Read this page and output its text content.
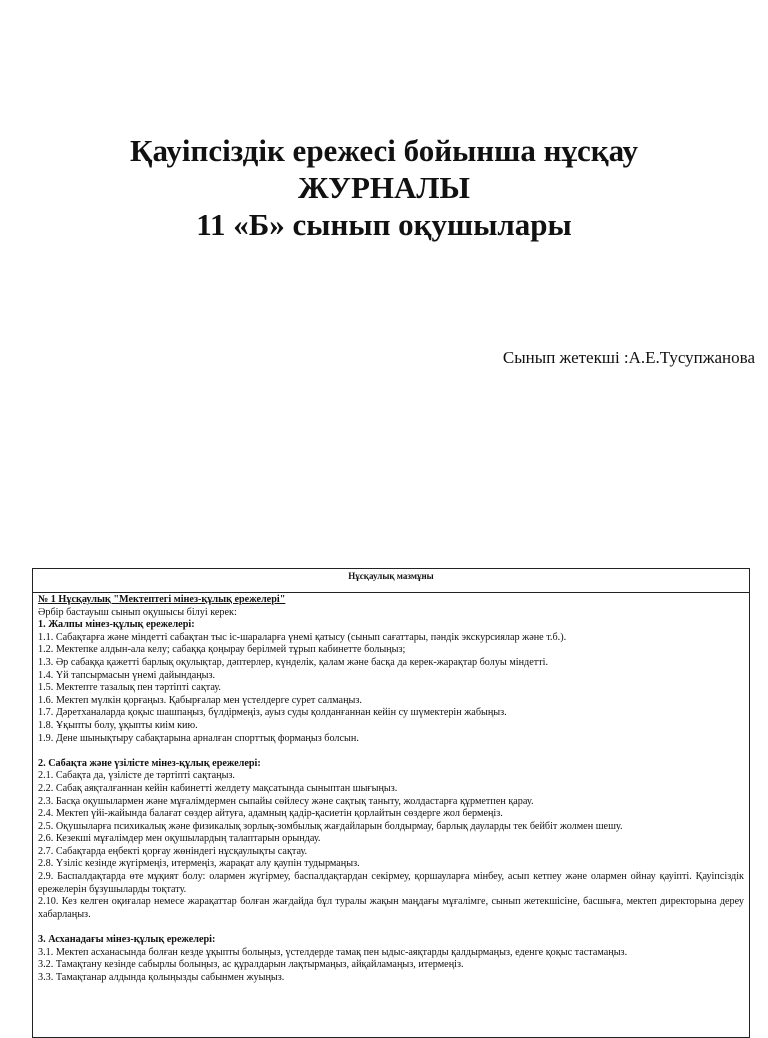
Қауіпсіздік ережесі бойынша нұсқау
ЖУРНАЛЫ
11 «Б» сынып оқушылары
Сынып жетекші :А.Е.Тусупжанова
Нұсқаулық мазмұны
№ 1 Нұсқаулық "Мектептегі мінез-құлық ережелері"
Әрбір бастауыш сынып оқушысы білуі керек:
1. Жалпы мінез-құлық ережелері:
1.1. Сабақтарға және міндетті сабақтан тыс іс-шараларға үнемі қатысу (сынып сағаттары, пәндік экскурсиялар және т.б.).
1.2. Мектепке алдын-ала келу; сабаққа қоңырау берілмей тұрып кабинетте болыңыз;
1.3. Әр сабаққа қажетті барлық оқулықтар, дәптерлер, күнделік, қалам және басқа да керек-жарақтар болуы міндетті.
1.4. Үй тапсырмасын үнемі дайындаңыз.
1.5. Мектепте тазалық пен тәртіпті сақтау.
1.6. Мектеп мүлкін қорғаңыз. Қабырғалар мен үстелдерге сурет салмаңыз.
1.7. Дәретханаларда қоқыс шашпаңыз, бүлдірмеңіз, ауыз суды қолданғаннан кейін су шүмектерін жабыңыз.
1.8. Ұқыпты болу, ұқыпты киім кию.
1.9. Дене шынықтыру сабақтарына арналған спорттық формаңыз болсын.
2. Сабақта және үзілісте мінез-құлық ережелері:
2.1. Сабақта да, үзілісте де тәртіпті сақтаңыз.
2.2. Сабақ аяқталғаннан кейін кабинетті желдету мақсатында сыныптан шығыңыз.
2.3. Басқа оқушылармен және мұғалімдермен сыпайы сөйлесу және сақтық таныту, жолдастарға құрметпен қарау.
2.4. Мектеп үйі-жайында балағат сөздер айтуға, адамның қадір-қасиетін қорлайтын сөздерге жол бермеңіз.
2.5. Оқушыларға психикалық және физикалық зорлық-зомбылық жағдайларын болдырмау, барлық дауларды тек бейбіт жолмен шешу.
2.6. Кезекші мұғалімдер мен оқушылардың талаптарын орындау.
2.7. Сабақтарда еңбекті қорғау жөніндегі нұсқаулықты сақтау.
2.8. Үзіліс кезінде жүгірмеңіз, итермеңіз, жарақат алу қаупін тудырмаңыз.
2.9. Баспалдақтарда өте мұқият болу: олармен жүгірмеу, баспалдақтардан секірмеу, қоршауларға мінбеу, асып кетпеу және олармен ойнау қауіпті. Қауіпсіздік ережелерін бұзушыларды тоқтату.
2.10. Кез келген оқиғалар немесе жарақаттар болған жағдайда бұл туралы жақын маңдағы мұғалімге, сынып жетекшісіне, басшыға, мектеп директорына дереу хабарлаңыз.
3. Асханадағы мінез-құлық ережелері:
3.1. Мектеп асханасында болған кезде ұқыпты болыңыз, үстелдерде тамақ пен ыдыс-аяқтарды қалдырмаңыз, еденге қоқыс тастамаңыз.
3.2. Тамақтану кезінде сабырлы болыңыз, ас құралдарын лақтырмаңыз, айқайламаңыз, итермеңіз.
3.3. Тамақтанар алдында қолыңызды сабынмен жуыңыз.
